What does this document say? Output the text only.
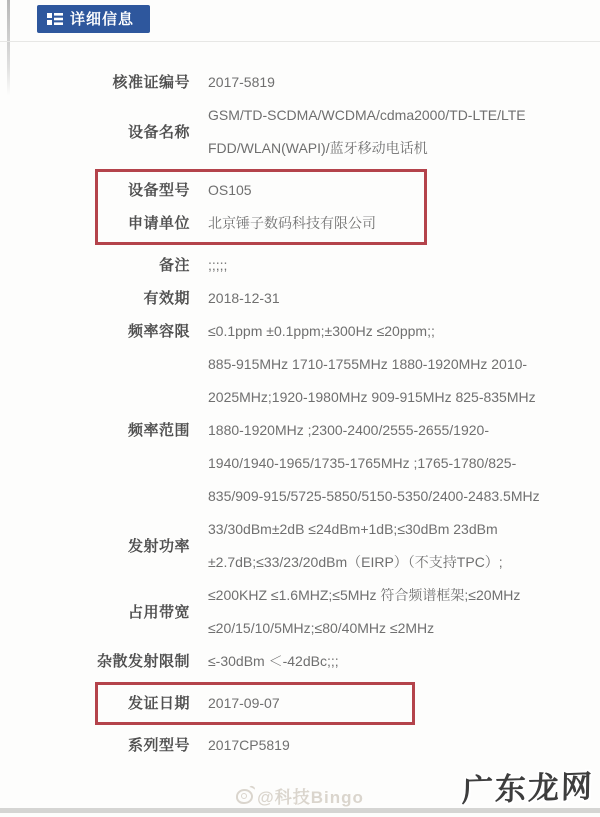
详细信息
核准证编号 2017-5819
设备名称
GSM/TD-SCDMA/WCDMA/cdma2000/TD-LTE/LTE FDD/WLAN(WAPI)/蓝牙移动电话机
设备型号 OS105
申请单位 北京锤子数码科技有限公司
备注 ;;;;;
有效期 2018-12-31
频率容限 ≤0.1ppm ±0.1ppm;±300Hz ≤20ppm;;
频率范围
885-915MHz 1710-1755MHz 1880-1920MHz 2010-2025MHz;1920-1980MHz 909-915MHz 825-835MHz 1880-1920MHz ;2300-2400/2555-2655/1920-1940/1940-1965/1735-1765MHz ;1765-1780/825-835/909-915/5725-5850/5150-5350/2400-2483.5MHz
发射功率
33/30dBm±2dB ≤24dBm+1dB;≤30dBm 23dBm ±2.7dB;≤33/23/20dBm（EIRP）（不支持TPC）;
占用带宽
≤200KHZ ≤1.6MHZ;≤5MHz 符合频谱框架;≤20MHz ≤20/15/10/5MHz;≤80/40MHz ≤2MHz
杂散发射限制 ≤-30dBm ＜-42dBc;;;
发证日期 2017-09-07
系列型号 2017CP5819
@科技Bingo	广东龙网
